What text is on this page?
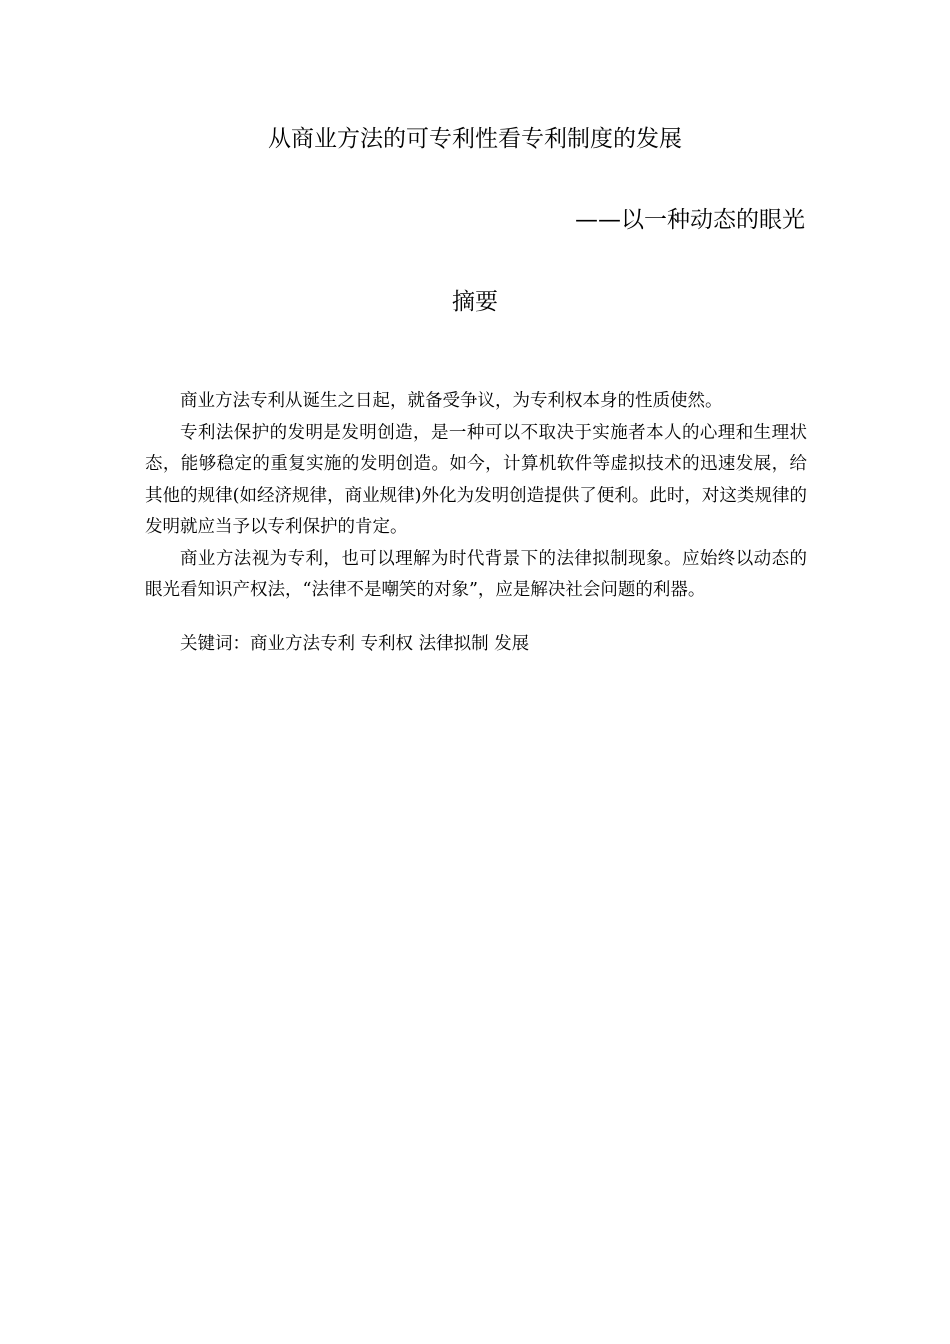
从商业方法的可专利性看专利制度的发展
——以一种动态的眼光
摘要

商业方法专利从诞生之日起，就备受争议，为专利权本身的性质使然。

专利法保护的发明是发明创造，是一种可以不取决于实施者本人的心理和生理状态，能够稳定的重复实施的发明创造。如今，计算机软件等虚拟技术的迅速发展，给其他的规律(如经济规律，商业规律)外化为发明创造提供了便利。此时，对这类规律的发明就应当予以专利保护的肯定。

商业方法视为专利，也可以理解为时代背景下的法律拟制现象。应始终以动态的眼光看知识产权法，“法律不是嘲笑的对象”，应是解决社会问题的利器。

关键词：商业方法专利 专利权 法律拟制 发展
